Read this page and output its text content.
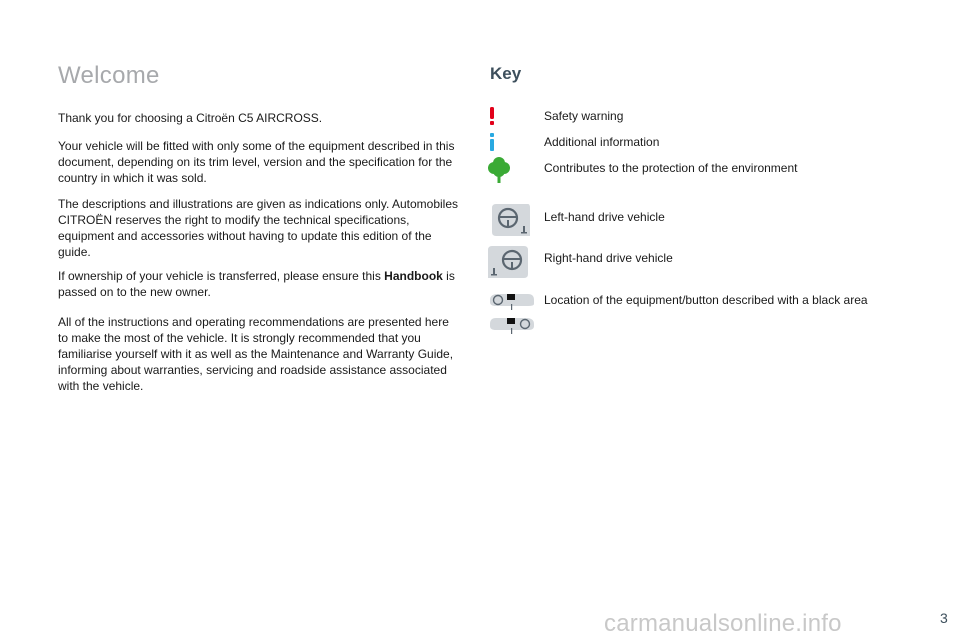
Welcome
Thank you for choosing a Citroën C5 AIRCROSS.
Your vehicle will be fitted with only some of the equipment described in this document, depending on its trim level, version and the specification for the country in which it was sold.
The descriptions and illustrations are given as indications only. Automobiles CITROËN reserves the right to modify the technical specifications, equipment and accessories without having to update this edition of the guide.
If ownership of your vehicle is transferred, please ensure this Handbook is passed on to the new owner.
All of the instructions and operating recommendations are presented here to make the most of the vehicle. It is strongly recommended that you familiarise yourself with it as well as the Maintenance and Warranty Guide, informing about warranties, servicing and roadside assistance associated with the vehicle.
Key
Safety warning
Additional information
Contributes to the protection of the environment
Left-hand drive vehicle
Right-hand drive vehicle
Location of the equipment/button described with a black area
carmanualsonline.info	3
